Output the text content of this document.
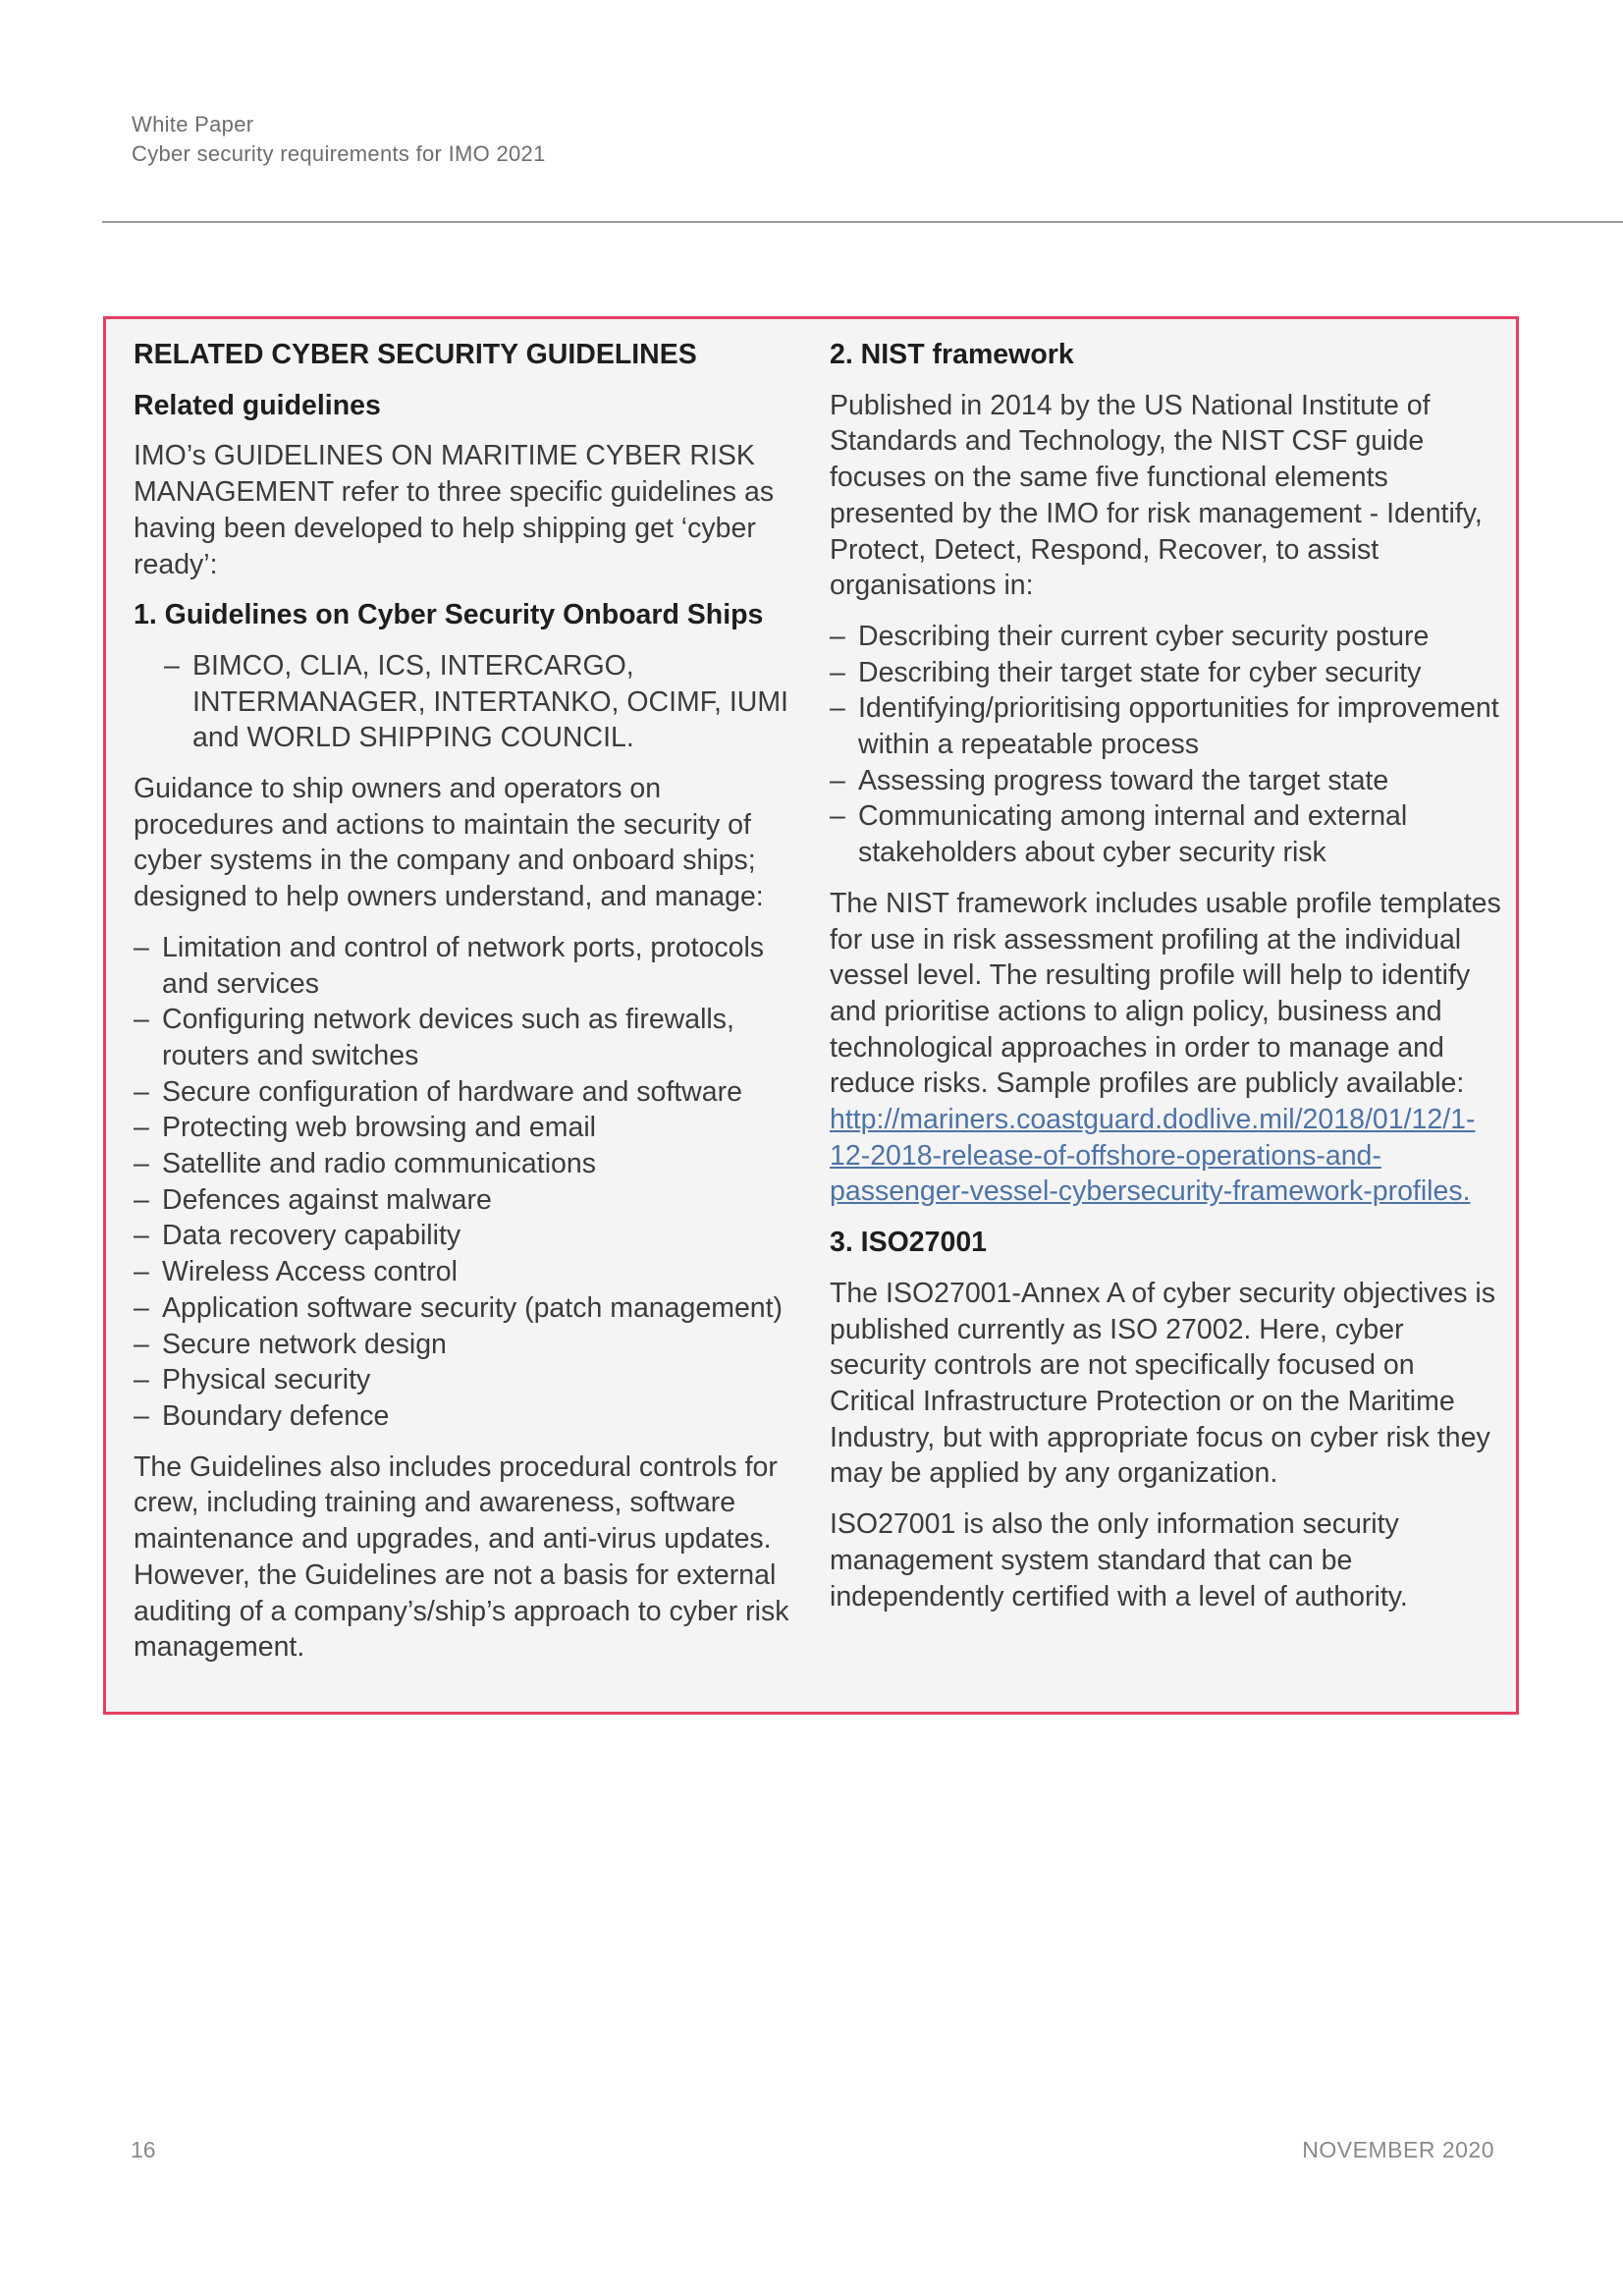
White Paper
Cyber security requirements for IMO 2021

RELATED CYBER SECURITY GUIDELINES

Related guidelines

IMO’s GUIDELINES ON MARITIME CYBER RISK MANAGEMENT refer to three specific guidelines as having been developed to help shipping get ‘cyber ready’:

1. Guidelines on Cyber Security Onboard Ships

– BIMCO, CLIA, ICS, INTERCARGO, INTERMANAGER, INTERTANKO, OCIMF, IUMI and WORLD SHIPPING COUNCIL.

Guidance to ship owners and operators on procedures and actions to maintain the security of cyber systems in the company and onboard ships; designed to help owners understand, and manage:

– Limitation and control of network ports, protocols and services
– Configuring network devices such as firewalls, routers and switches
– Secure configuration of hardware and software
– Protecting web browsing and email
– Satellite and radio communications
– Defences against malware
– Data recovery capability
– Wireless Access control
– Application software security (patch management)
– Secure network design
– Physical security
– Boundary defence

The Guidelines also includes procedural controls for crew, including training and awareness, software maintenance and upgrades, and anti-virus updates. However, the Guidelines are not a basis for external auditing of a company’s/ship’s approach to cyber risk management.

2. NIST framework

Published in 2014 by the US National Institute of Standards and Technology, the NIST CSF guide focuses on the same five functional elements presented by the IMO for risk management - Identify, Protect, Detect, Respond, Recover, to assist organisations in:

– Describing their current cyber security posture
– Describing their target state for cyber security
– Identifying/prioritising opportunities for improvement within a repeatable process
– Assessing progress toward the target state
– Communicating among internal and external stakeholders about cyber security risk

The NIST framework includes usable profile templates for use in risk assessment profiling at the individual vessel level. The resulting profile will help to identify and prioritise actions to align policy, business and technological approaches in order to manage and reduce risks. Sample profiles are publicly available: http://mariners.coastguard.dodlive.mil/2018/01/12/1-12-2018-release-of-offshore-operations-and-passenger-vessel-cybersecurity-framework-profiles.

3. ISO27001

The ISO27001-Annex A of cyber security objectives is published currently as ISO 27002. Here, cyber security controls are not specifically focused on Critical Infrastructure Protection or on the Maritime Industry, but with appropriate focus on cyber risk they may be applied by any organization.

ISO27001 is also the only information security management system standard that can be independently certified with a level of authority.

16	NOVEMBER 2020
